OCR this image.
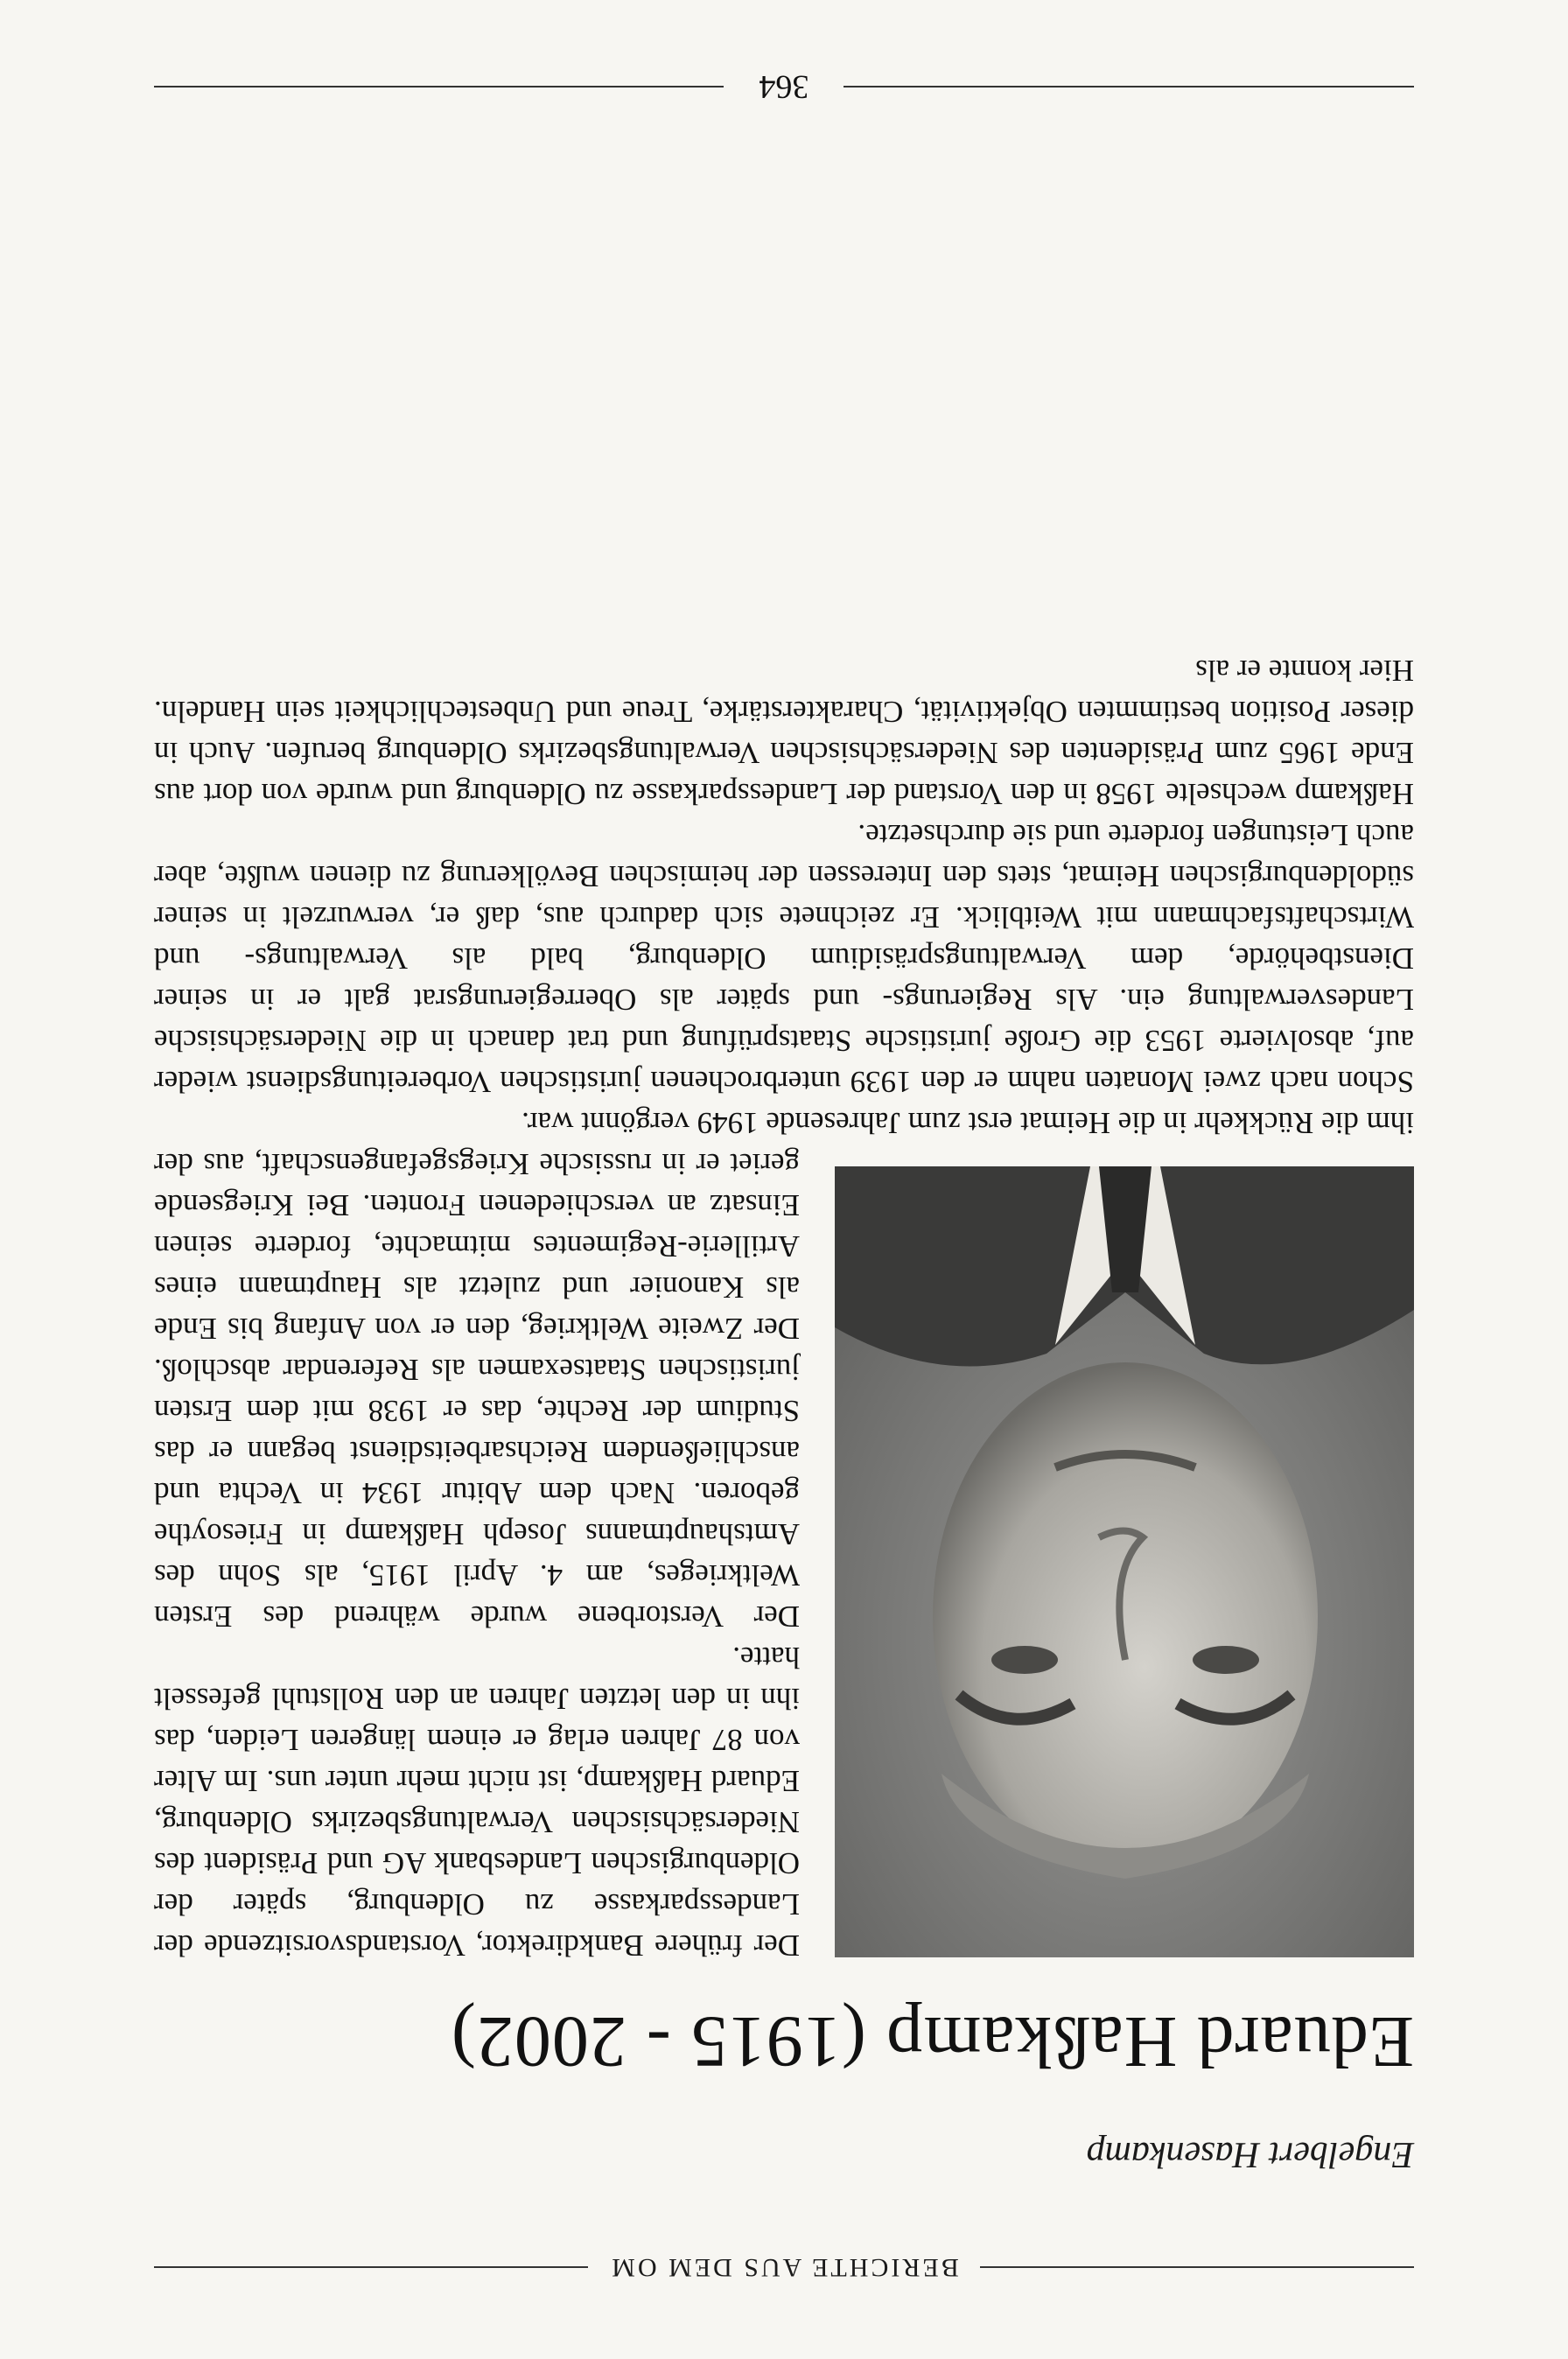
BERICHTE AUS DEM OM
Engelbert Hasenkamp
Eduard Haßkamp (1915 - 2002)

Der frühere Bankdirektor, Vorstandsvorsitzende der Landessparkasse zu Oldenburg, später der Oldenburgischen Landesbank AG und Präsident des Niedersächsischen Verwaltungsbezirks Oldenburg, Eduard Haßkamp, ist nicht mehr unter uns. Im Alter von 87 Jahren erlag er einem längeren Leiden, das ihn in den letzten Jahren an den Rollstuhl gefesselt hatte.

Der Verstorbene wurde während des Ersten Weltkrieges, am 4. April 1915, als Sohn des Amtshauptmanns Joseph Haßkamp in Friesoythe geboren. Nach dem Abitur 1934 in Vechta und anschließendem Reichsarbeitsdienst begann er das Studium der Rechte, das er 1938 mit dem Ersten juristischen Staatsexamen als Referendar abschloß. Der Zweite Weltkrieg, den er von Anfang bis Ende als Kanonier und zuletzt als Hauptmann eines Artillerie-Regimentes mitmachte, forderte seinen Einsatz an verschiedenen Fronten. Bei Kriegsende geriet er in russische Kriegsgefangenschaft, aus der ihm die Rückkehr in die Heimat erst zum Jahresende 1949 vergönnt war.

Schon nach zwei Monaten nahm er den 1939 unterbrochenen juristischen Vorbereitungsdienst wieder auf, absolvierte 1953 die Große juristische Staatsprüfung und trat danach in die Niedersächsische Landesverwaltung ein. Als Regierungs- und später als Oberregierungsrat galt er in seiner Dienstbehörde, dem Verwaltungspräsidium Oldenburg, bald als Verwaltungs- und Wirtschaftsfachmann mit Weitblick. Er zeichnete sich dadurch aus, daß er, verwurzelt in seiner südoldenburgischen Heimat, stets den Interessen der heimischen Bevölkerung zu dienen wußte, aber auch Leistungen forderte und sie durchsetzte.

Haßkamp wechselte 1958 in den Vorstand der Landessparkasse zu Oldenburg und wurde von dort aus Ende 1965 zum Präsidenten des Niedersächsischen Verwaltungsbezirks Oldenburg berufen. Auch in dieser Position bestimmten Objektivität, Charakterstärke, Treue und Unbestechlichkeit sein Handeln. Hier konnte er als

364
